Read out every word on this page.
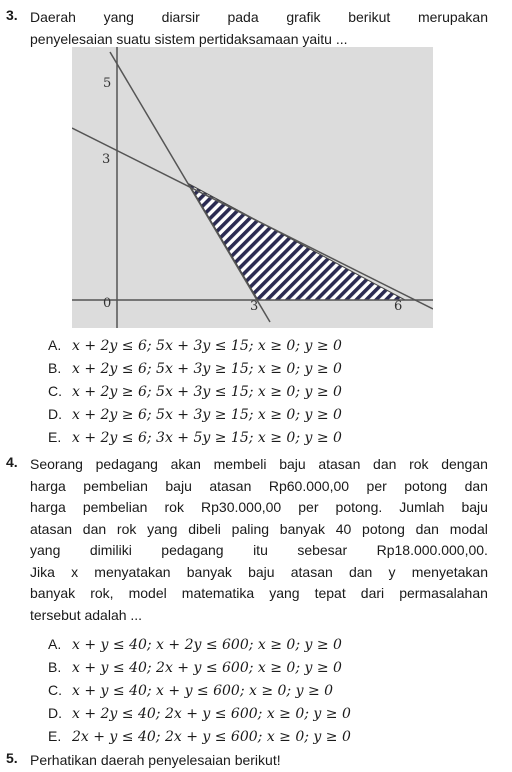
3. Daerah yang diarsir pada grafik berikut merupakan
penyelesaian suatu sistem pertidaksamaan yaitu ...
5
3
0	3	6
A. x + 2y ≤ 6; 5x + 3y ≤ 15; x ≥ 0; y ≥ 0
B. x + 2y ≤ 6; 5x + 3y ≥ 15; x ≥ 0; y ≥ 0
C. x + 2y ≥ 6; 5x + 3y ≤ 15; x ≥ 0; y ≥ 0
D. x + 2y ≥ 6; 5x + 3y ≥ 15; x ≥ 0; y ≥ 0
E. x + 2y ≤ 6; 3x + 5y ≥ 15; x ≥ 0; y ≥ 0
4. Seorang pedagang akan membeli baju atasan dan rok dengan
harga pembelian baju atasan Rp60.000,00 per potong dan
harga pembelian rok Rp30.000,00 per potong. Jumlah baju
atasan dan rok yang dibeli paling banyak 40 potong dan modal
yang dimiliki pedagang itu sebesar Rp18.000.000,00.
Jika x menyatakan banyak baju atasan dan y menyetakan
banyak rok, model matematika yang tepat dari permasalahan
tersebut adalah ...
A. x + y ≤ 40; x + 2y ≤ 600; x ≥ 0; y ≥ 0
B. x + y ≤ 40; 2x + y ≤ 600; x ≥ 0; y ≥ 0
C. x + y ≤ 40; x + y ≤ 600; x ≥ 0; y ≥ 0
D. x + 2y ≤ 40; 2x + y ≤ 600; x ≥ 0; y ≥ 0
E. 2x + y ≤ 40; 2x + y ≤ 600; x ≥ 0; y ≥ 0
5. Perhatikan daerah penyelesaian berikut!
